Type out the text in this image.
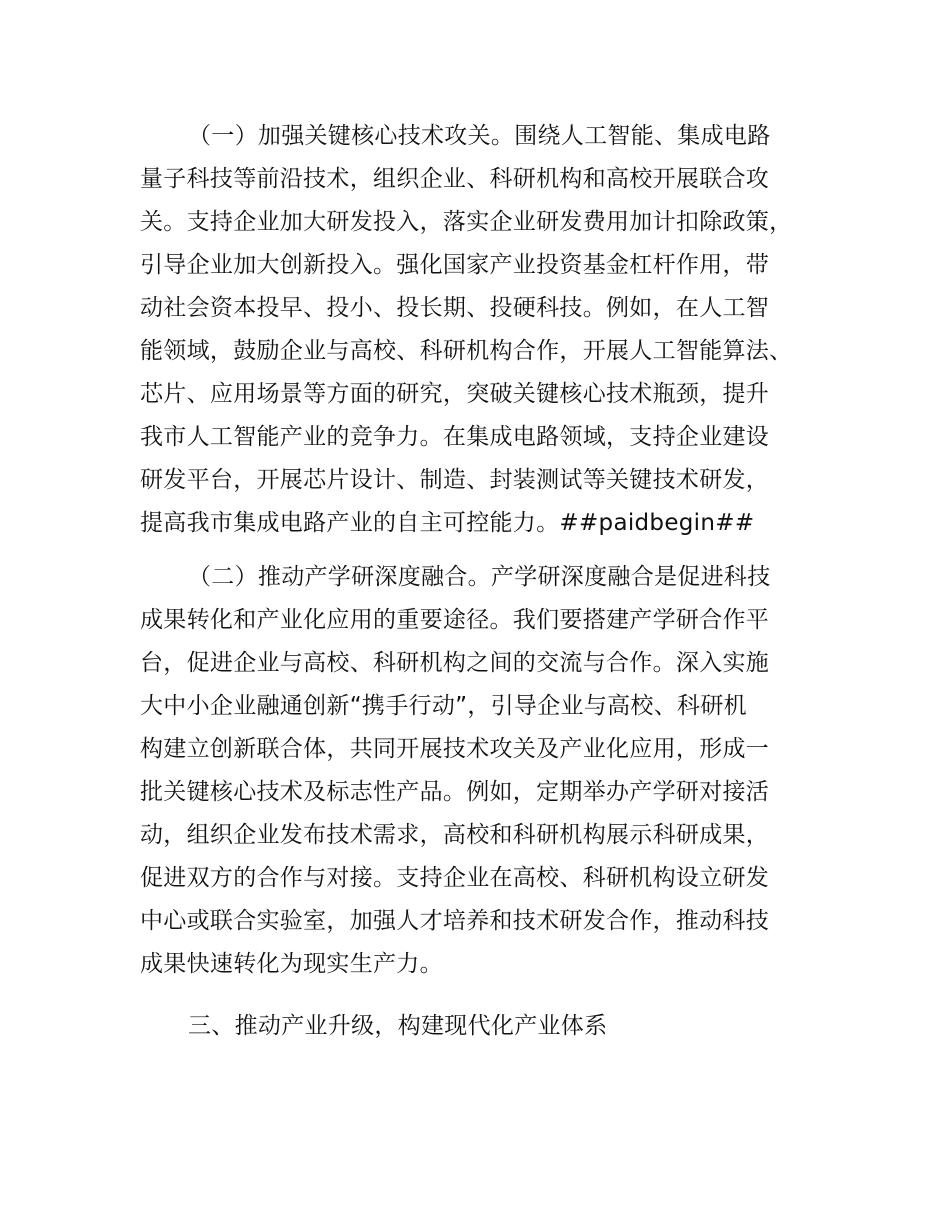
（一）加强关键核心技术攻关。围绕人工智能、集成电路
量子科技等前沿技术，组织企业、科研机构和高校开展联合攻
关。支持企业加大研发投入，落实企业研发费用加计扣除政策，
引导企业加大创新投入。强化国家产业投资基金杠杆作用，带
动社会资本投早、投小、投长期、投硬科技。例如，在人工智
能领域，鼓励企业与高校、科研机构合作，开展人工智能算法、
芯片、应用场景等方面的研究，突破关键核心技术瓶颈，提升
我市人工智能产业的竞争力。在集成电路领域，支持企业建设
研发平台，开展芯片设计、制造、封装测试等关键技术研发，
提高我市集成电路产业的自主可控能力。##paidbegin##
（二）推动产学研深度融合。产学研深度融合是促进科技
成果转化和产业化应用的重要途径。我们要搭建产学研合作平
台，促进企业与高校、科研机构之间的交流与合作。深入实施
大中小企业融通创新“携手行动”，引导企业与高校、科研机
构建立创新联合体，共同开展技术攻关及产业化应用，形成一
批关键核心技术及标志性产品。例如，定期举办产学研对接活
动，组织企业发布技术需求，高校和科研机构展示科研成果，
促进双方的合作与对接。支持企业在高校、科研机构设立研发
中心或联合实验室，加强人才培养和技术研发合作，推动科技
成果快速转化为现实生产力。
三、推动产业升级，构建现代化产业体系
